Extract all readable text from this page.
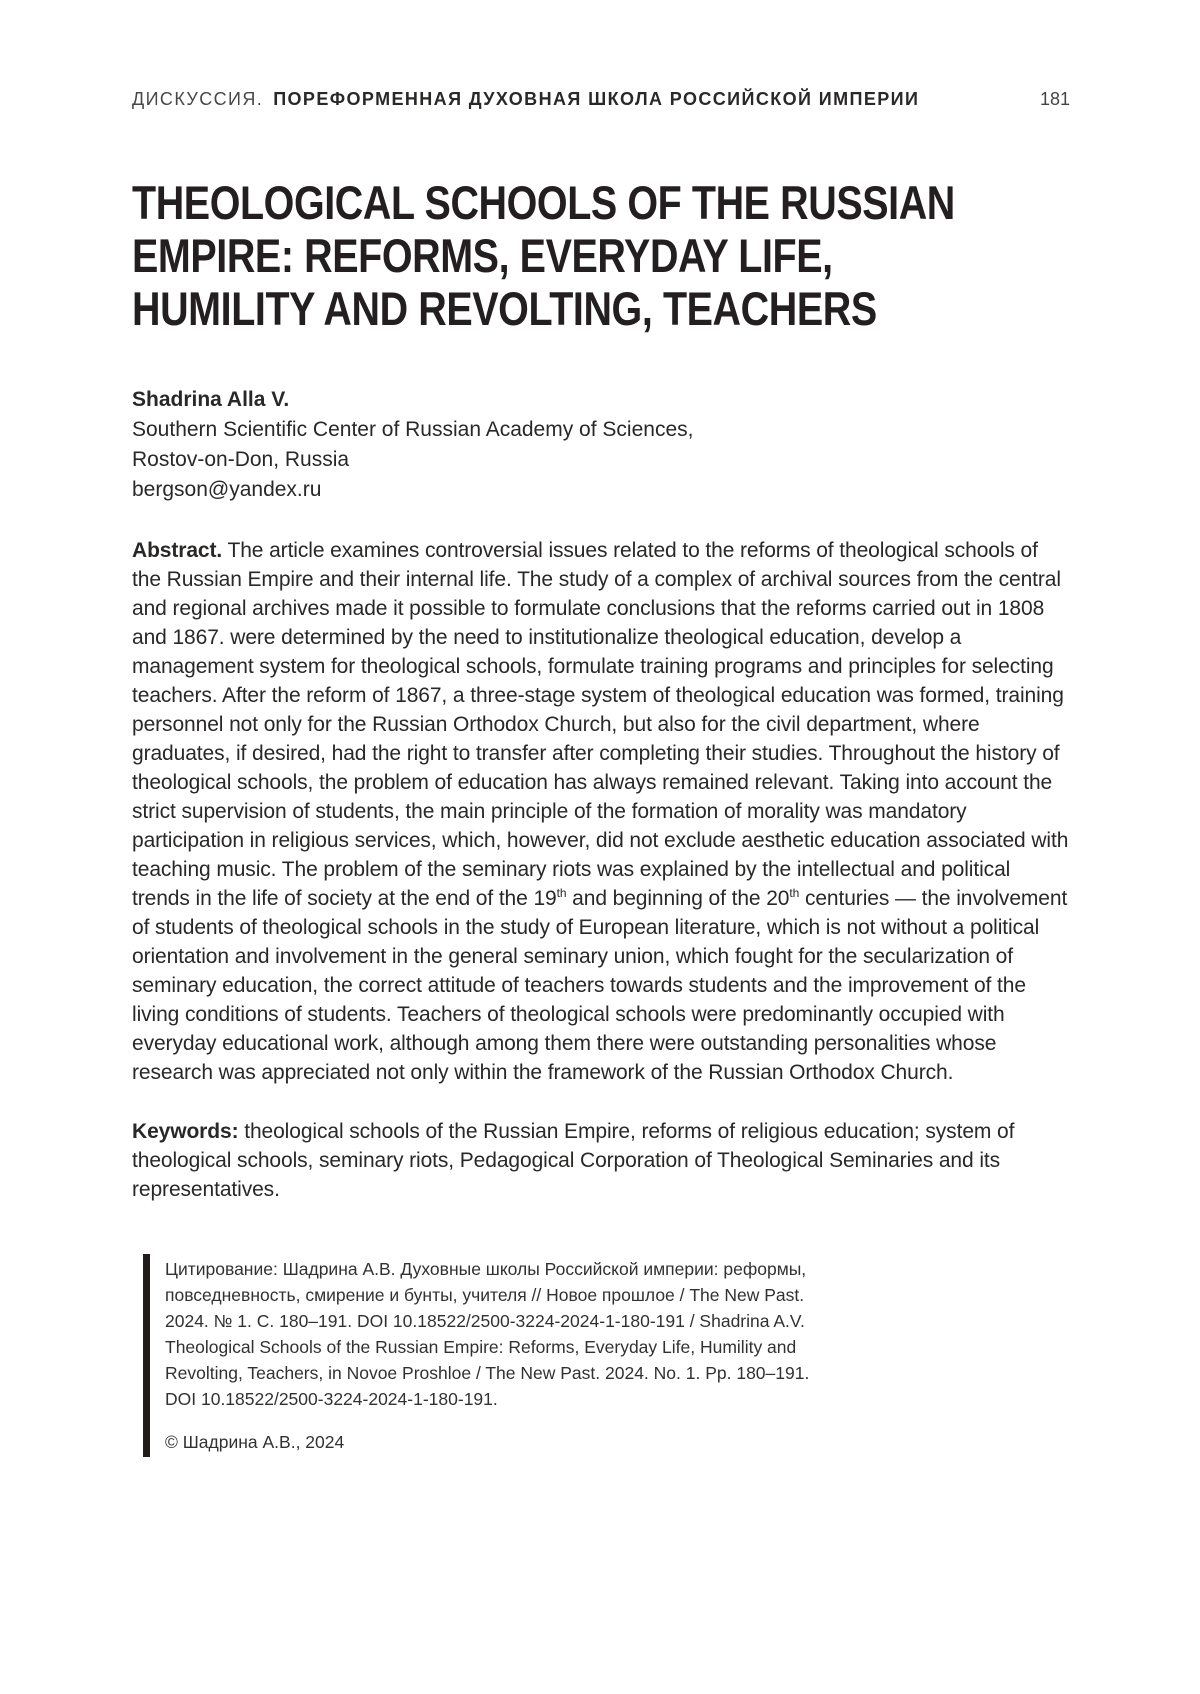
ДИСКУССИЯ. ПОРЕФОРМЕННАЯ ДУХОВНАЯ ШКОЛА РОССИЙСКОЙ ИМПЕРИИ	181
THEOLOGICAL SCHOOLS OF THE RUSSIAN
EMPIRE: REFORMS, EVERYDAY LIFE,
HUMILITY AND REVOLTING, TEACHERS
Shadrina Alla V.
Southern Scientific Center of Russian Academy of Sciences,
Rostov-on-Don, Russia
bergson@yandex.ru

Abstract. The article examines controversial issues related to the reforms of theological schools of the Russian Empire and their internal life. The study of a complex of archival sources from the central and regional archives made it possible to formulate conclusions that the reforms carried out in 1808 and 1867. were determined by the need to institutionalize theological education, develop a management system for theological schools, formulate training programs and principles for selecting teachers. After the reform of 1867, a three-stage system of theological education was formed, training personnel not only for the Russian Orthodox Church, but also for the civil department, where graduates, if desired, had the right to transfer after completing their studies. Throughout the history of theological schools, the problem of education has always remained relevant. Taking into account the strict supervision of students, the main principle of the formation of morality was mandatory participation in religious services, which, however, did not exclude aesthetic education associated with teaching music. The problem of the seminary riots was explained by the intellectual and political trends in the life of society at the end of the 19th and beginning of the 20th centuries — the involvement of students of theological schools in the study of European literature, which is not without a political orientation and involvement in the general seminary union, which fought for the secularization of seminary education, the correct attitude of teachers towards students and the improvement of the living conditions of students. Teachers of theological schools were predominantly occupied with everyday educational work, although among them there were outstanding personalities whose research was appreciated not only within the framework of the Russian Orthodox Church.

Keywords: theological schools of the Russian Empire, reforms of religious education; system of theological schools, seminary riots, Pedagogical Corporation of Theological Seminaries and its representatives.

Цитирование: Шадрина А.В. Духовные школы Российской империи: реформы,
повседневность, смирение и бунты, учителя // Новое прошлое / The New Past.
2024. № 1. С. 180–191. DOI 10.18522/2500-3224-2024-1-180-191 / Shadrina A.V.
Theological Schools of the Russian Empire: Reforms, Everyday Life, Humility and
Revolting, Teachers, in Novoe Proshloe / The New Past. 2024. No. 1. Pp. 180–191.
DOI 10.18522/2500-3224-2024-1-180-191.
© Шадрина А.В., 2024
